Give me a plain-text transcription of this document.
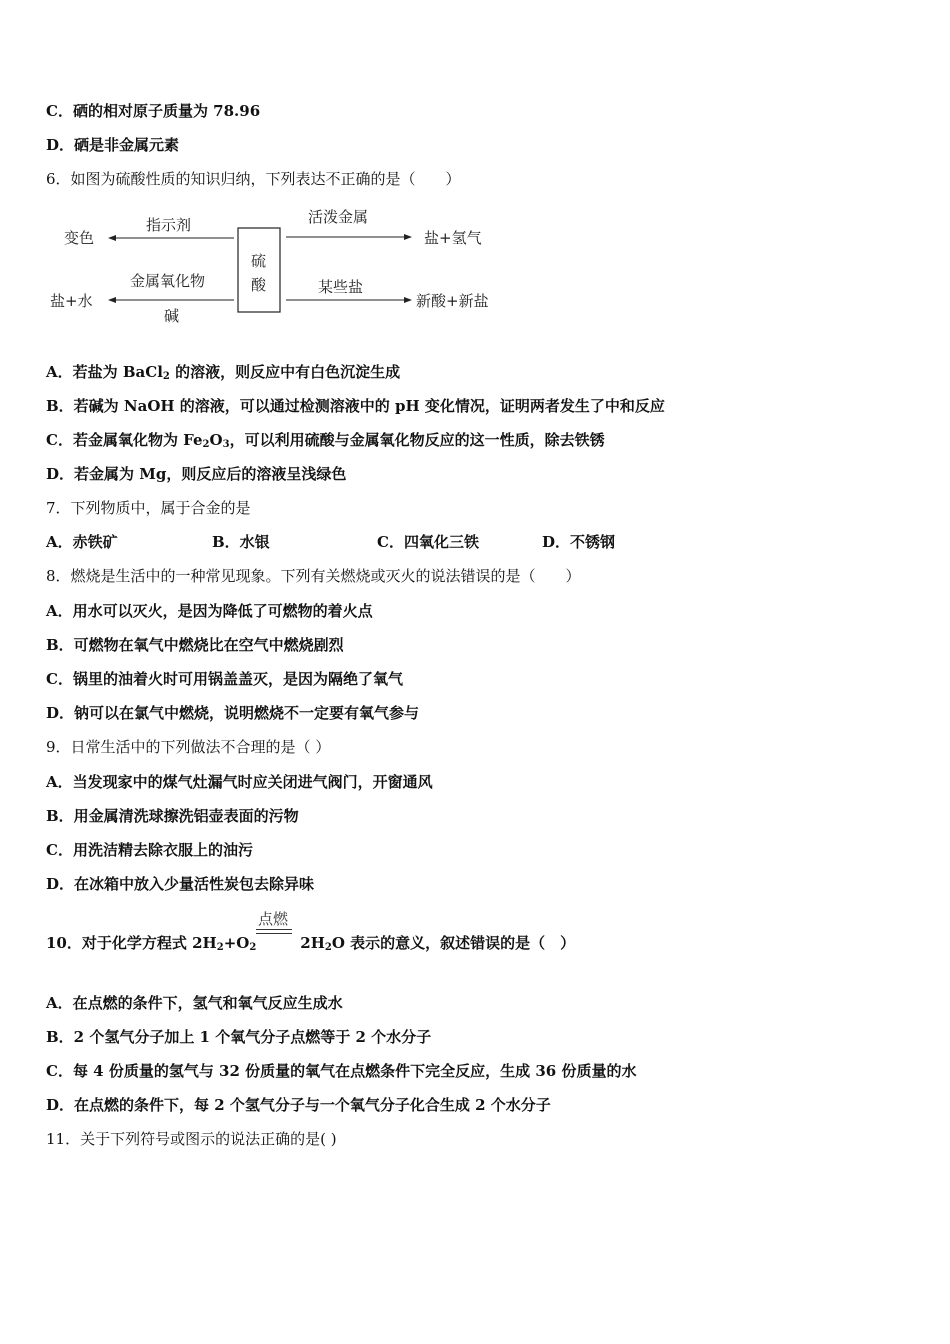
C．硒的相对原子质量为 78.96
D．硒是非金属元素
6．如图为硫酸性质的知识归纳，下列表达不正确的是（　　）
硫
酸
指示剂
变色
金属氧化物
盐+水
碱
活泼金属
盐+氢气
某些盐
新酸+新盐
A．若盐为 BaCl$_2$ 的溶液，则反应中有白色沉淀生成
B．若碱为 NaOH 的溶液，可以通过检测溶液中的 pH 变化情况，证明两者发生了中和反应
C．若金属氧化物为 $Fe_2O_3$，可以利用硫酸与金属氧化物反应的这一性质，除去铁锈
D．若金属为 Mg，则反应后的溶液呈浅绿色
7．下列物质中，属于合金的是
A．赤铁矿	B．水银	C．四氧化三铁	D．不锈钢
8．燃烧是生活中的一种常见现象。下列有关燃烧或灭火的说法错误的是（　　）
A．用水可以灭火，是因为降低了可燃物的着火点
B．可燃物在氧气中燃烧比在空气中燃烧剧烈
C．锅里的油着火时可用锅盖盖灭，是因为隔绝了氧气
D．钠可以在氯气中燃烧，说明燃烧不一定要有氧气参与
9．日常生活中的下列做法不合理的是（ ）
A．当发现家中的煤气灶漏气时应关闭进气阀门，开窗通风
B．用金属清洗球擦洗铝壶表面的污物
C．用洗洁精去除衣服上的油污
D．在冰箱中放入少量活性炭包去除异味
10．对于化学方程式 $2H_2+O_2$	$2H_2O$ 表示的意义，叙述错误的是（　）
点燃
A．在点燃的条件下，氢气和氧气反应生成水
B．2 个氢气分子加上 1 个氧气分子点燃等于 2 个水分子
C．每 4 份质量的氢气与 32 份质量的氧气在点燃条件下完全反应，生成 36 份质量的水
D．在点燃的条件下，每 2 个氢气分子与一个氧气分子化合生成 2 个水分子
11．关于下列符号或图示的说法正确的是( )
